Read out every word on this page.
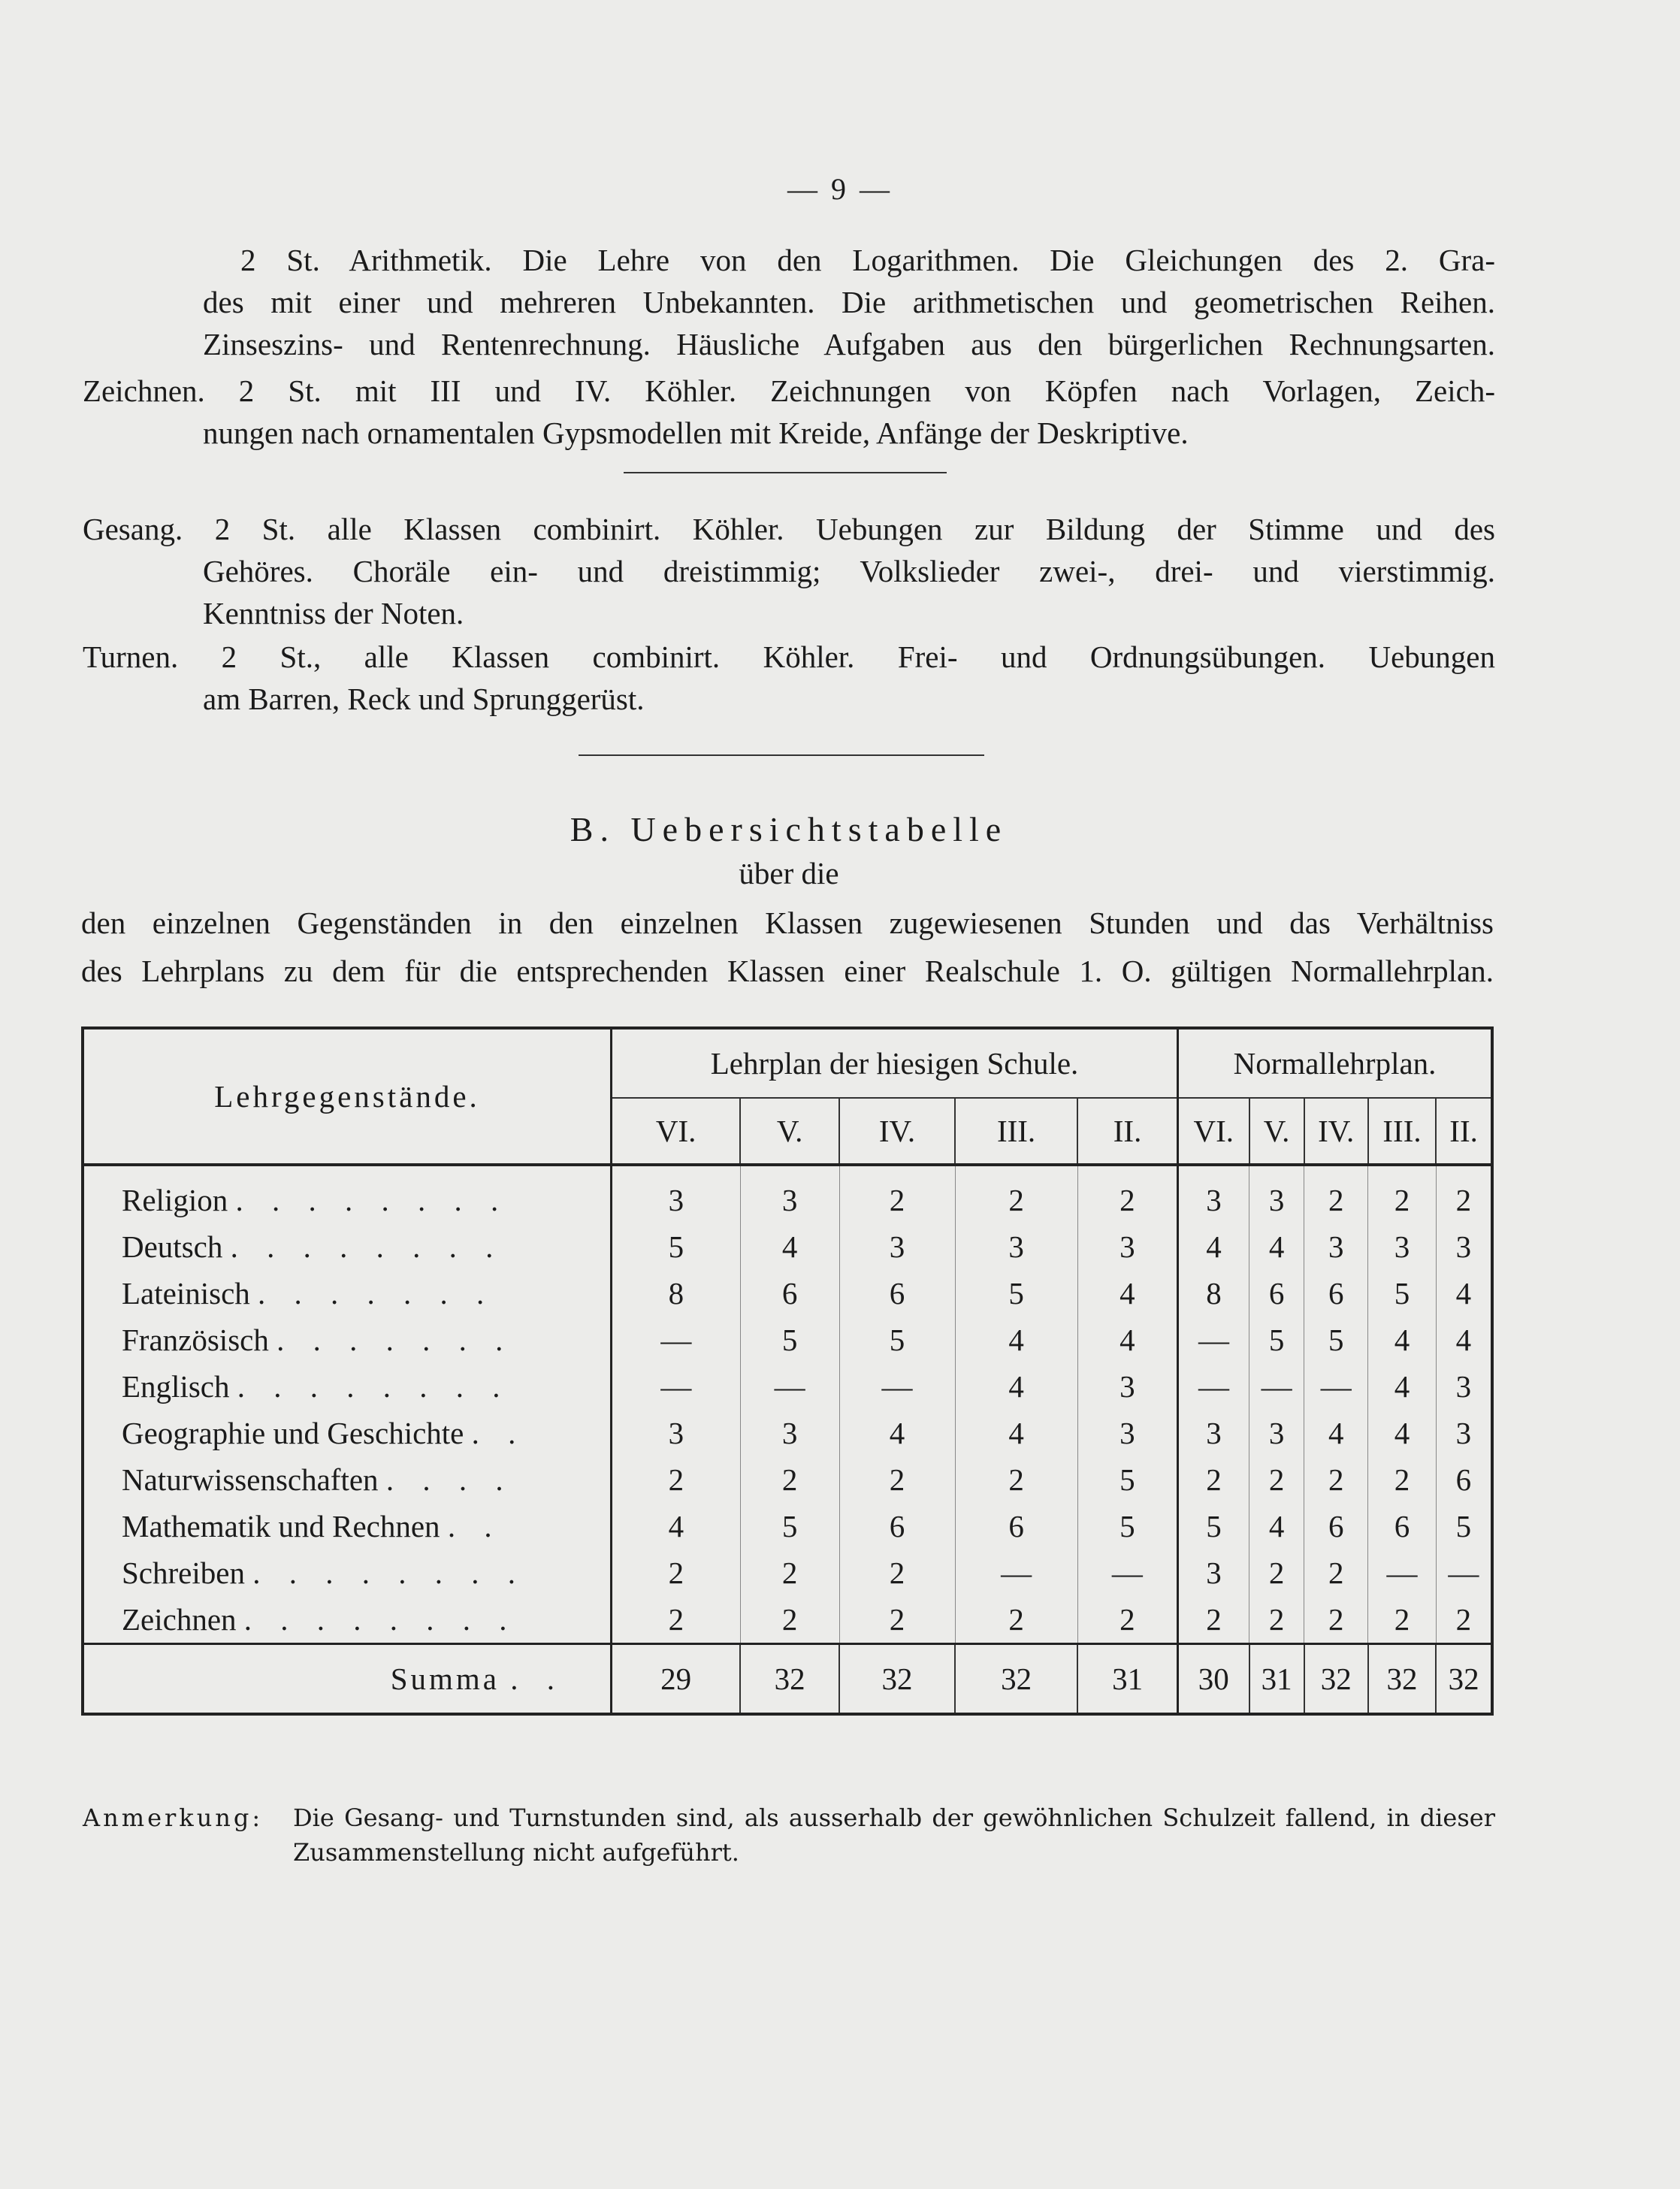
— 9 —

2 St. Arithmetik. Die Lehre von den Logarithmen. Die Gleichungen des 2. Gra-
des mit einer und mehreren Unbekannten. Die arithmetischen und geometrischen Reihen.
Zinseszins- und Rentenrechnung. Häusliche Aufgaben aus den bürgerlichen Rechnungsarten.

Zeichnen. 2 St. mit III und IV. Köhler. Zeichnungen von Köpfen nach Vorlagen, Zeich-
nungen nach ornamentalen Gypsmodellen mit Kreide, Anfänge der Deskriptive.

Gesang. 2 St. alle Klassen combinirt. Köhler. Uebungen zur Bildung der Stimme und des
Gehöres. Choräle ein- und dreistimmig; Volkslieder zwei-, drei- und vierstimmig.
Kenntniss der Noten.

Turnen. 2 St., alle Klassen combinirt. Köhler. Frei- und Ordnungsübungen. Uebungen
am Barren, Reck und Sprunggerüst.

B. Uebersichtstabelle
über die
den einzelnen Gegenständen in den einzelnen Klassen zugewiesenen Stunden und das Verhältniss
des Lehrplans zu dem für die entsprechenden Klassen einer Realschule 1. O. gültigen Normallehrplan.
Lehrgegenstände.	Lehrplan der hiesigen Schule.					Normallehrplan.				
	VI.	V.	IV.	III.	II.	VI.	V.	IV.	III.	II.
Religion . . . . . . . .	3	3	2	2	2	3	3	2	2	2
Deutsch . . . . . . . .	5	4	3	3	3	4	4	3	3	3
Lateinisch . . . . . . .	8	6	6	5	4	8	6	6	5	4
Französisch . . . . . . .	—	5	5	4	4	—	5	5	4	4
Englisch . . . . . . . .	—	—	—	4	3	—	—	—	4	3
Geographie und Geschichte . .	3	3	4	4	3	3	3	4	4	3
Naturwissenschaften . . . .	2	2	2	2	5	2	2	2	2	6
Mathematik und Rechnen . .	4	5	6	6	5	5	4	6	6	5
Schreiben . . . . . . . .	2	2	2	—	—	3	2	2	—	—
Zeichnen . . . . . . . .	2	2	2	2	2	2	2	2	2	2
Summa . .	29	32	32	32	31	30	31	32	32	32
Anmerkung: Die Gesang- und Turnstunden sind, als ausserhalb der gewöhnlichen Schulzeit fallend, in dieser Zusammenstellung nicht aufgeführt.
